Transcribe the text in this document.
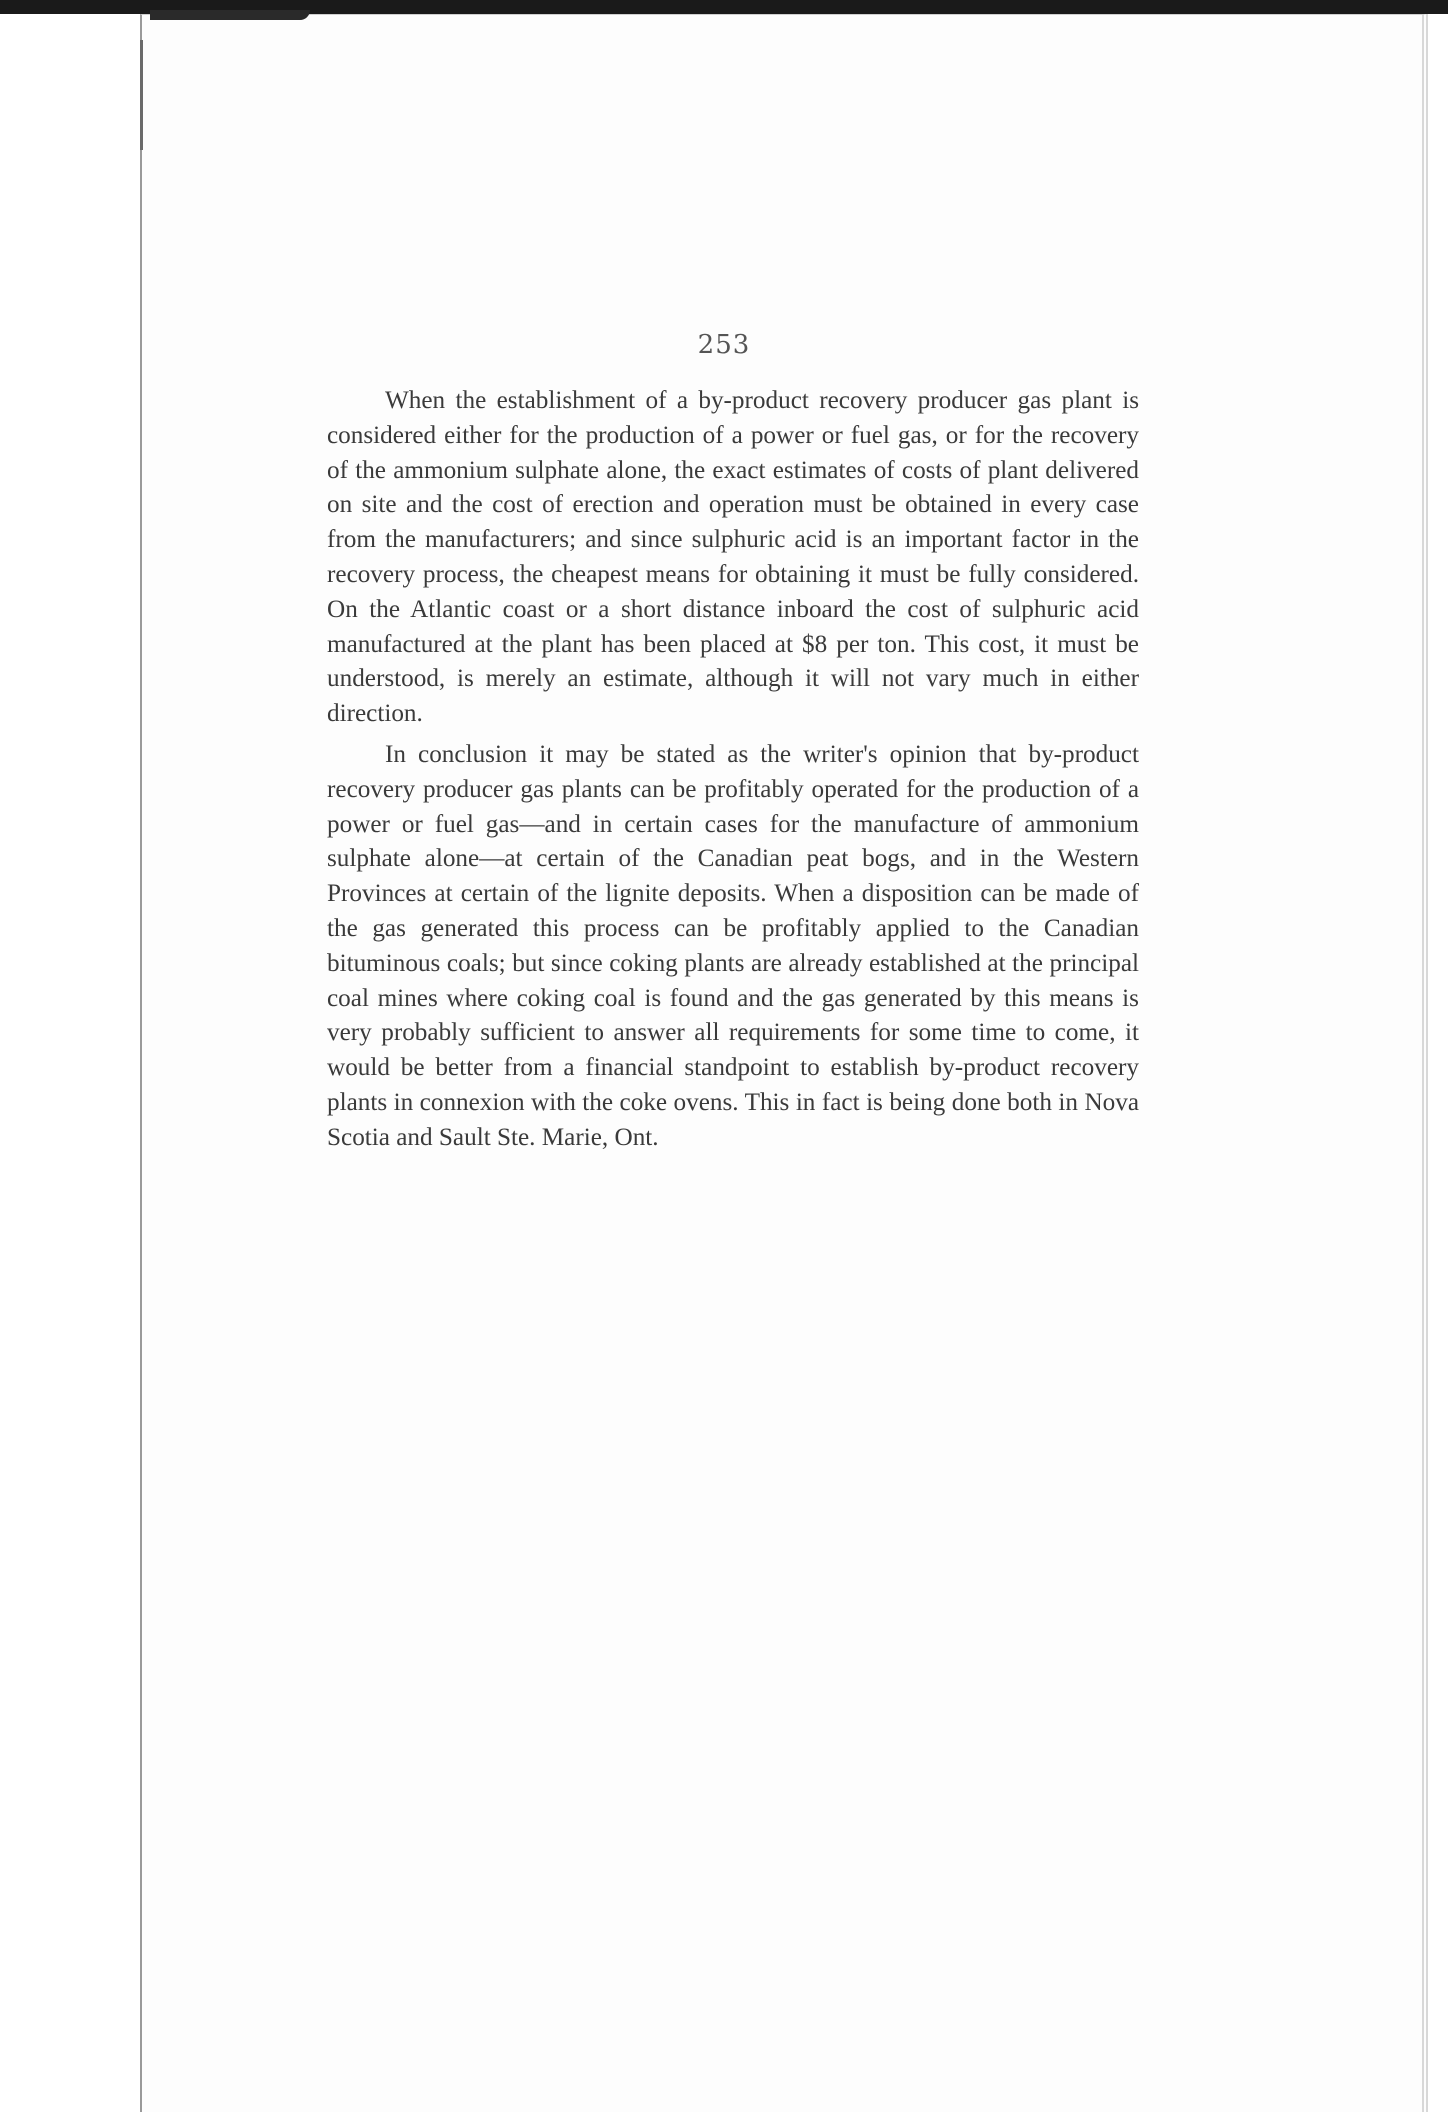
253

When the establishment of a by-product recovery producer gas plant is considered either for the production of a power or fuel gas, or for the recovery of the ammonium sulphate alone, the exact estimates of costs of plant delivered on site and the cost of erection and operation must be obtained in every case from the manufacturers; and since sulphuric acid is an important factor in the recovery process, the cheapest means for obtaining it must be fully considered. On the Atlantic coast or a short distance inboard the cost of sulphuric acid manufactured at the plant has been placed at $8 per ton. This cost, it must be understood, is merely an estimate, although it will not vary much in either direction.

In conclusion it may be stated as the writer's opinion that by-product recovery producer gas plants can be profitably operated for the production of a power or fuel gas—and in certain cases for the manufacture of ammonium sulphate alone—at certain of the Canadian peat bogs, and in the Western Provinces at certain of the lignite deposits. When a disposition can be made of the gas generated this process can be profitably applied to the Canadian bituminous coals; but since coking plants are already established at the principal coal mines where coking coal is found and the gas generated by this means is very probably sufficient to answer all requirements for some time to come, it would be better from a financial standpoint to establish by-product recovery plants in connexion with the coke ovens. This in fact is being done both in Nova Scotia and Sault Ste. Marie, Ont.
